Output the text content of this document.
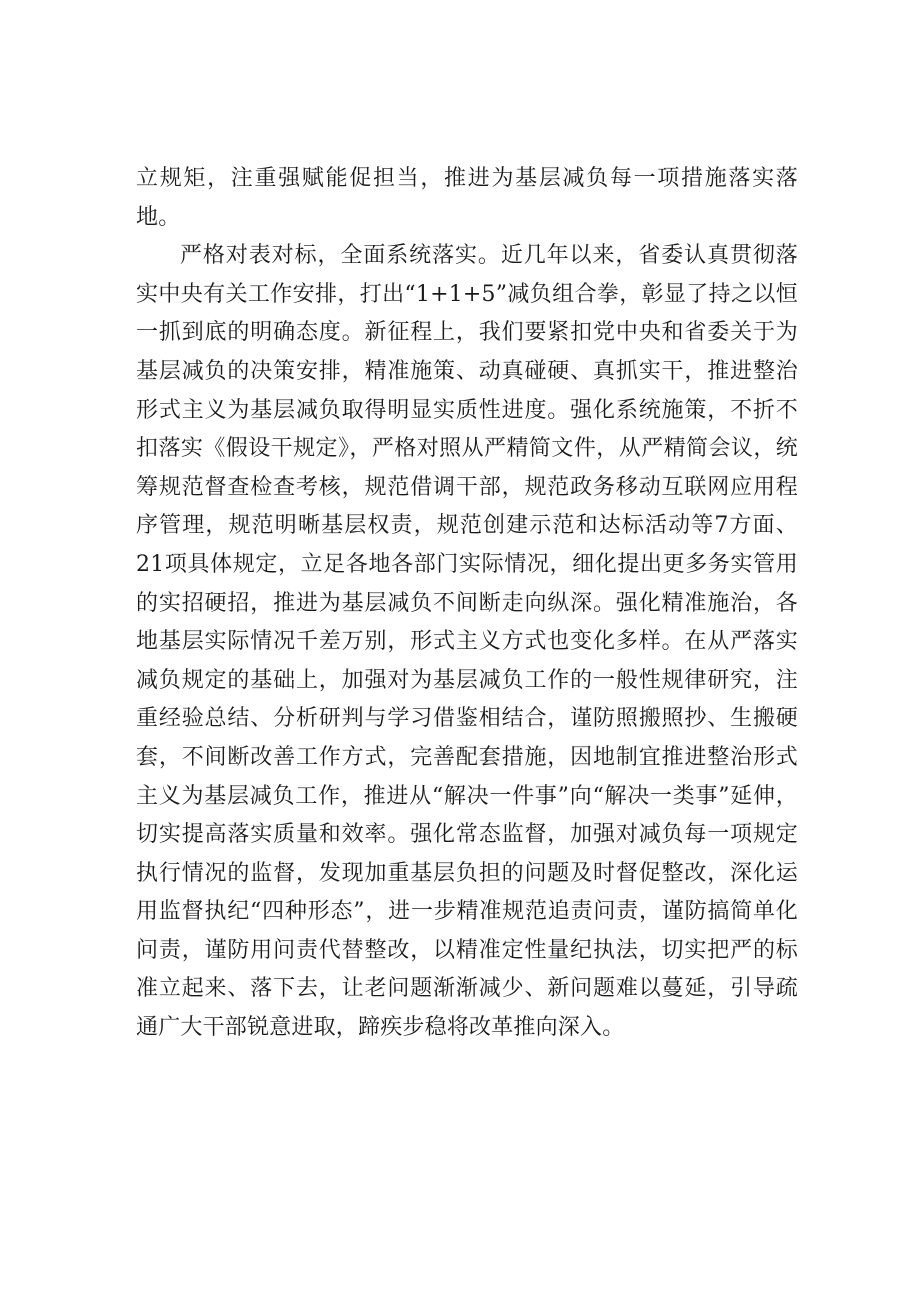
立规矩，注重强赋能促担当，推进为基层减负每一项措施落实落地。

严格对表对标，全面系统落实。近几年以来，省委认真贯彻落实中央有关工作安排，打出“1+1+5”减负组合拳，彰显了持之以恒一抓到底的明确态度。新征程上，我们要紧扣党中央和省委关于为基层减负的决策安排，精准施策、动真碰硬、真抓实干，推进整治形式主义为基层减负取得明显实质性进度。强化系统施策，不折不扣落实《假设干规定》，严格对照从严精简文件，从严精简会议，统筹规范督查检查考核，规范借调干部，规范政务移动互联网应用程序管理，规范明晰基层权责，规范创建示范和达标活动等7方面、21项具体规定，立足各地各部门实际情况，细化提出更多务实管用的实招硬招，推进为基层减负不间断走向纵深。强化精准施治，各地基层实际情况千差万别，形式主义方式也变化多样。在从严落实减负规定的基础上，加强对为基层减负工作的一般性规律研究，注重经验总结、分析研判与学习借鉴相结合，谨防照搬照抄、生搬硬套，不间断改善工作方式，完善配套措施，因地制宜推进整治形式主义为基层减负工作，推进从“解决一件事”向“解决一类事”延伸，切实提高落实质量和效率。强化常态监督，加强对减负每一项规定执行情况的监督，发现加重基层负担的问题及时督促整改，深化运用监督执纪“四种形态”，进一步精准规范追责问责，谨防搞简单化问责，谨防用问责代替整改，以精准定性量纪执法，切实把严的标准立起来、落下去，让老问题渐渐减少、新问题难以蔓延，引导疏通广大干部锐意进取，蹄疾步稳将改革推向深入。
